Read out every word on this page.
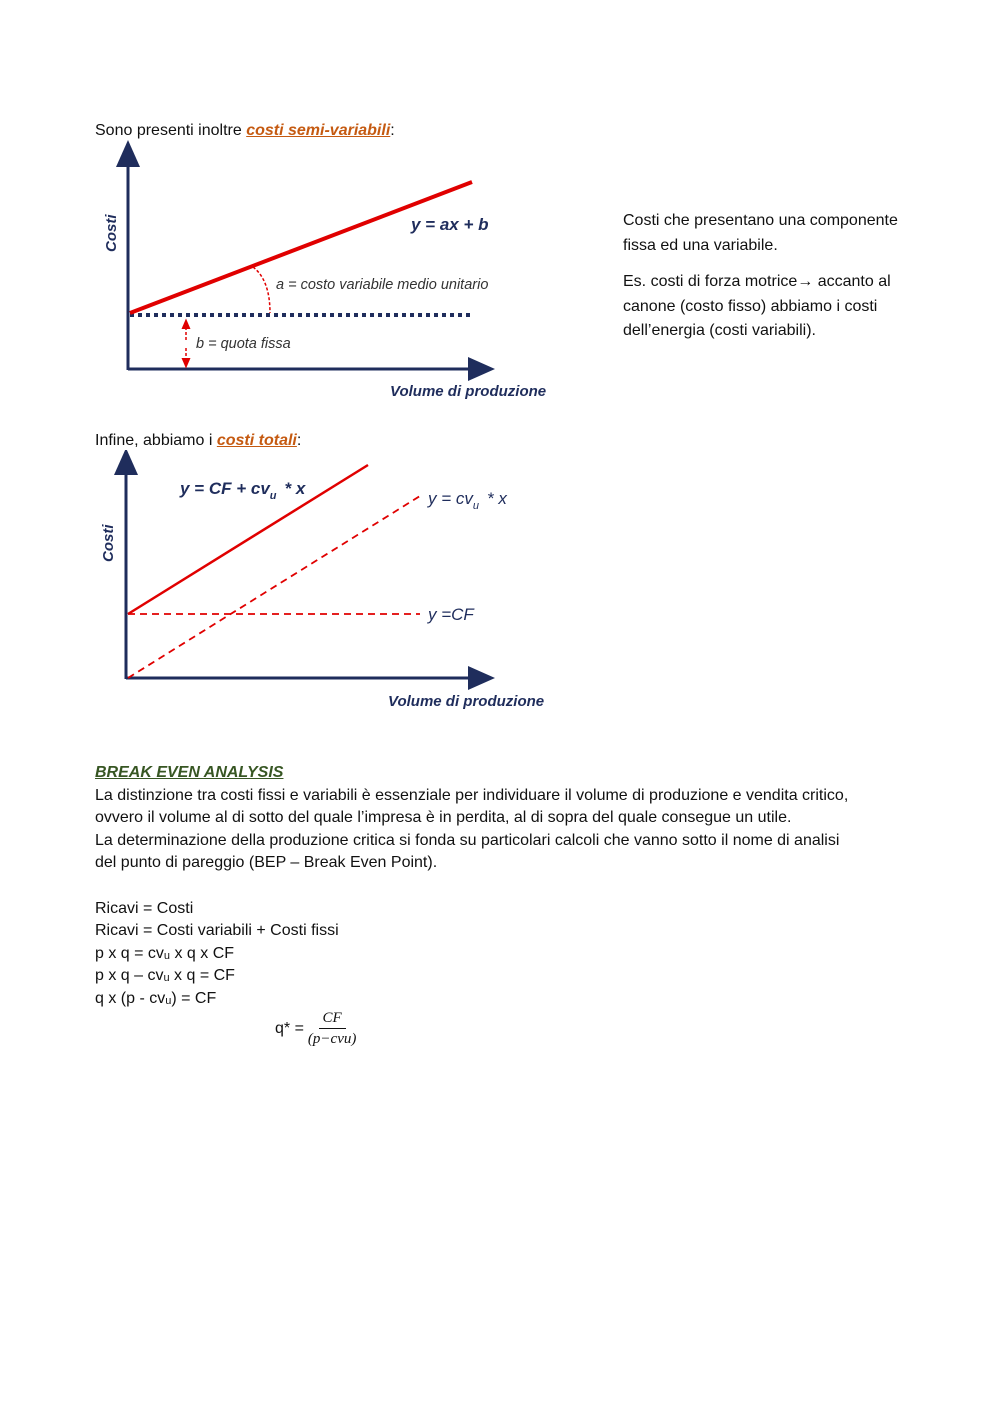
Sono presenti inoltre costi semi-variabili:
Costi
Volume di produzione
y = ax + b
a = costo variabile medio unitario
b = quota fissa

Costi che presentano una componente fissa ed una variabile.

Es. costi di forza motrice→ accanto al canone (costo fisso) abbiamo i costi dell’energia (costi variabili).

Infine, abbiamo i costi totali:
Costi
Volume di produzione
y = CF + $cv_u$ * x
$y = cv_u * x$
y =CF
BREAK EVEN ANALYSIS
La distinzione tra costi fissi e variabili è essenziale per individuare il volume di produzione e vendita critico,
ovvero il volume al di sotto del quale l’impresa è in perdita, al di sopra del quale consegue un utile.
La determinazione della produzione critica si fonda su particolari calcoli che vanno sotto il nome di analisi
del punto di pareggio (BEP – Break Even Point).
Ricavi = Costi
Ricavi = Costi variabili + Costi fissi
p x q = cvᵤ x q x CF
p x q – cvᵤ x q = CF
q x (p - cvᵤ) = CF
$q* = \frac{CF}{\text{(p−cvu)}}$
